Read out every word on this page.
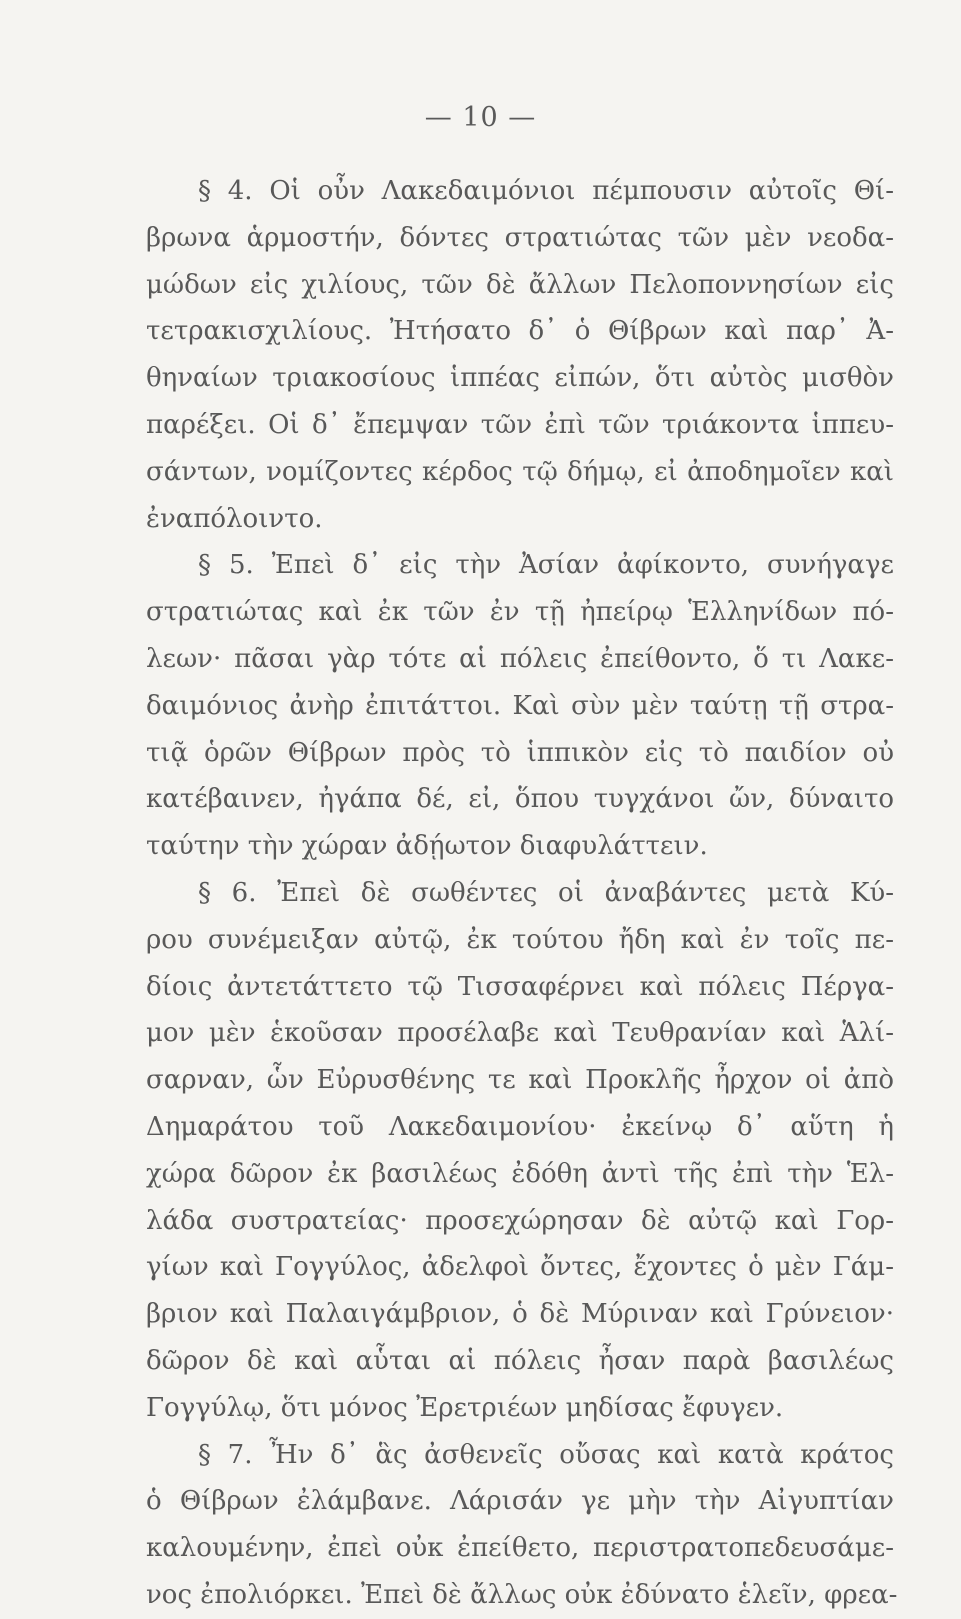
— 10 —
§ 4. Οἱ οὖν Λακεδαιμόνιοι πέμπουσιν αὐτοῖς Θί-
βρωνα ἁρμοστήν, δόντες στρατιώτας τῶν μὲν νεοδα-
μώδων εἰς χιλίους, τῶν δὲ ἄλλων Πελοποννησίων εἰς
τετρακισχιλίους. Ἠτήσατο δ᾽ ὁ Θίβρων καὶ παρ᾽ Ἀ-
θηναίων τριακοσίους ἱππέας εἰπών, ὅτι αὐτὸς μισθὸν
παρέξει. Οἱ δ᾽ ἔπεμψαν τῶν ἐπὶ τῶν τριάκοντα ἱππευ-
σάντων, νομίζοντες κέρδος τῷ δήμῳ, εἰ ἀποδημοῖεν καὶ
ἐναπόλοιντο.
§ 5. Ἐπεὶ δ᾽ εἰς τὴν Ἀσίαν ἀφίκοντο, συνήγαγε
στρατιώτας καὶ ἐκ τῶν ἐν τῇ ἠπείρῳ Ἑλληνίδων πό-
λεων· πᾶσαι γὰρ τότε αἱ πόλεις ἐπείθοντο, ὅ τι Λακε-
δαιμόνιος ἀνὴρ ἐπιτάττοι. Καὶ σὺν μὲν ταύτῃ τῇ στρα-
τιᾷ ὁρῶν Θίβρων πρὸς τὸ ἱππικὸν εἰς τὸ παιδίον οὐ
κατέβαινεν, ἠγάπα δέ, εἰ, ὅπου τυγχάνοι ὤν, δύναιτο
ταύτην τὴν χώραν ἀδῄωτον διαφυλάττειν.
§ 6. Ἐπεὶ δὲ σωθέντες οἱ ἀναβάντες μετὰ Κύ-
ρου συνέμειξαν αὐτῷ, ἐκ τούτου ἤδη καὶ ἐν τοῖς πε-
δίοις ἀντετάττετο τῷ Τισσαφέρνει καὶ πόλεις Πέργα-
μον μὲν ἑκοῦσαν προσέλαβε καὶ Τευθρανίαν καὶ Ἁλί-
σαρναν, ὧν Εὐρυσθένης τε καὶ Προκλῆς ἦρχον οἱ ἀπὸ
Δημαράτου τοῦ Λακεδαιμονίου· ἐκείνῳ δ᾽ αὕτη ἡ
χώρα δῶρον ἐκ βασιλέως ἐδόθη ἀντὶ τῆς ἐπὶ τὴν Ἑλ-
λάδα συστρατείας· προσεχώρησαν δὲ αὐτῷ καὶ Γορ-
γίων καὶ Γογγύλος, ἀδελφοὶ ὄντες, ἔχοντες ὁ μὲν Γάμ-
βριον καὶ Παλαιγάμβριον, ὁ δὲ Μύριναν καὶ Γρύνειον·
δῶρον δὲ καὶ αὗται αἱ πόλεις ἦσαν παρὰ βασιλέως
Γογγύλῳ, ὅτι μόνος Ἐρετριέων μηδίσας ἔφυγεν.
§ 7. Ἦν δ᾽ ἃς ἀσθενεῖς οὔσας καὶ κατὰ κράτος
ὁ Θίβρων ἐλάμβανε. Λάρισάν γε μὴν τὴν Αἰγυπτίαν
καλουμένην, ἐπεὶ οὐκ ἐπείθετο, περιστρατοπεδευσάμε-
νος ἐπολιόρκει. Ἐπεὶ δὲ ἄλλως οὐκ ἐδύνατο ἑλεῖν, φρεα-
